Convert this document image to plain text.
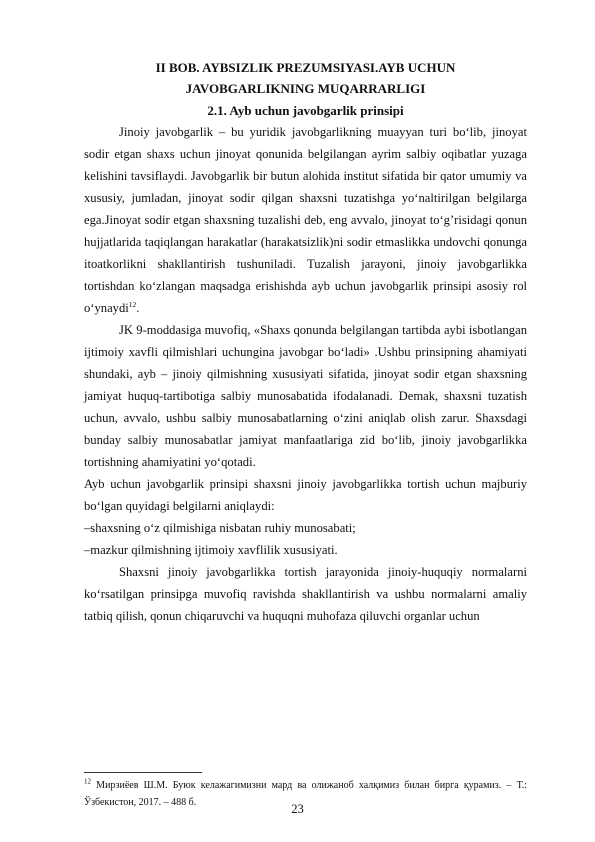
II BOB. AYBSIZLIK PREZUMSIYASI.AYB UCHUN
JAVOBGARLIKNING MUQARRARLIGI
2.1. Ayb uchun javobgarlik prinsipi

Jinoiy javobgarlik – bu yuridik javobgarlikning muayyan turi bo‘lib, jinoyat sodir etgan shaxs uchun jinoyat qonunida belgilangan ayrim salbiy oqibatlar yuzaga kelishini tavsiflaydi. Javobgarlik bir butun alohida institut sifatida bir qator umumiy va xususiy, jumladan, jinoyat sodir qilgan shaxsni tuzatishga yo‘naltirilgan belgilarga ega.Jinoyat sodir etgan shaxsning tuzalishi deb, eng avvalo, jinoyat to‘g’risidagi qonun hujjatlarida taqiqlangan harakatlar (harakatsizlik)ni sodir etmaslikka undovchi qonunga itoatkorlikni shakllantirish tushuniladi. Tuzalish jarayoni, jinoiy javobgarlikka tortishdan ko‘zlangan maqsadga erishishda ayb uchun javobgarlik prinsipi asosiy rol o‘ynaydi$^{12}$.

JK 9-moddasiga muvofiq, «Shaxs qonunda belgilangan tartibda aybi isbotlangan ijtimoiy xavfli qilmishlari uchungina javobgar bo‘ladi» .Ushbu prinsipning ahamiyati shundaki, ayb – jinoiy qilmishning xususiyati sifatida, jinoyat sodir etgan shaxsning jamiyat huquq-tartibotiga salbiy munosabatida ifodalanadi. Demak, shaxsni tuzatish uchun, avvalo, ushbu salbiy munosabatlarning o‘zini aniqlab olish zarur. Shaxsdagi bunday salbiy munosabatlar jamiyat manfaatlariga zid bo‘lib, jinoiy javobgarlikka tortishning ahamiyatini yo‘qotadi.

Ayb uchun javobgarlik prinsipi shaxsni jinoiy javobgarlikka tortish uchun majburiy bo‘lgan quyidagi belgilarni aniqlaydi:

–shaxsning o‘z qilmishiga nisbatan ruhiy munosabati;

–mazkur qilmishning ijtimoiy xavflilik xususiyati.

Shaxsni jinoiy javobgarlikka tortish jarayonida jinoiy-huquqiy normalarni ko‘rsatilgan prinsipga muvofiq ravishda shakllantirish va ushbu normalarni amaliy tatbiq qilish, qonun chiqaruvchi va huquqni muhofaza qiluvchi organlar uchun

$^{12}$ Мирзиёев Ш.М. Буюк келажагимизни мард ва олижаноб халқимиз билан бирга қурамиз. – Т.: Ўзбекистон, 2017. – 488 б.	23
